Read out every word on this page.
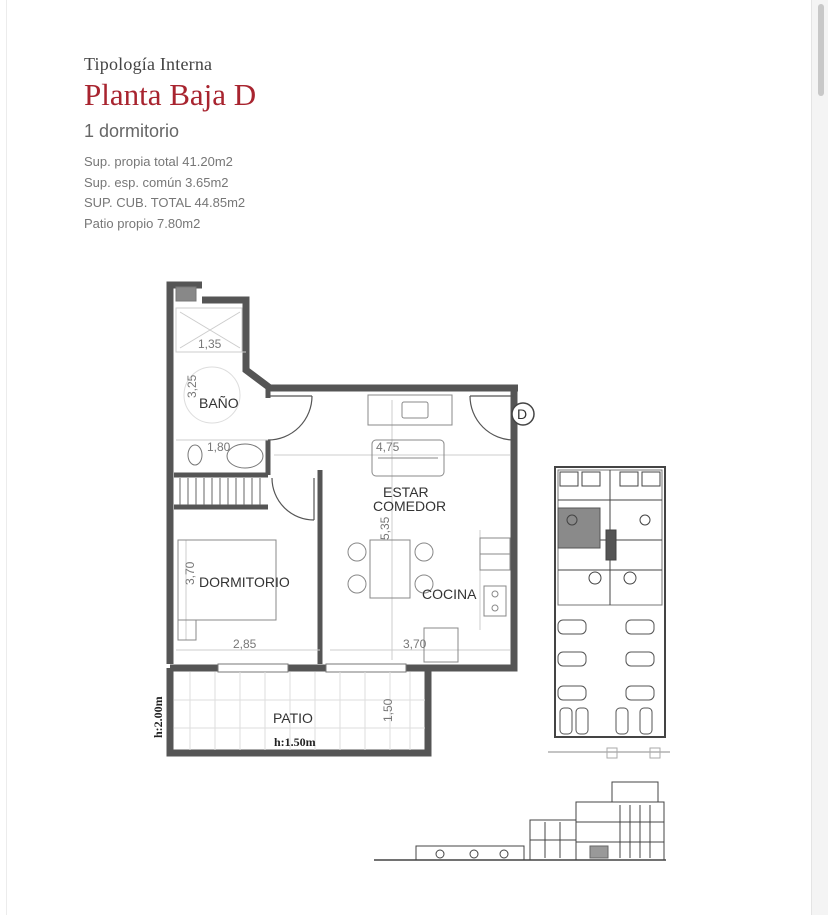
Tipología Interna
Planta Baja D
1 dormitorio
Sup. propia total 41.20m2
Sup. esp. común 3.65m2
SUP. CUB. TOTAL 44.85m2
Patio propio 7.80m2
D
BAÑO
ESTAR
COMEDOR
DORMITORIO
COCINA
PATIO
1,35
3,25
1,80	4,75
5,35
3,70
2,85	3,70
1,50
h:2.00m
h:1.50m
